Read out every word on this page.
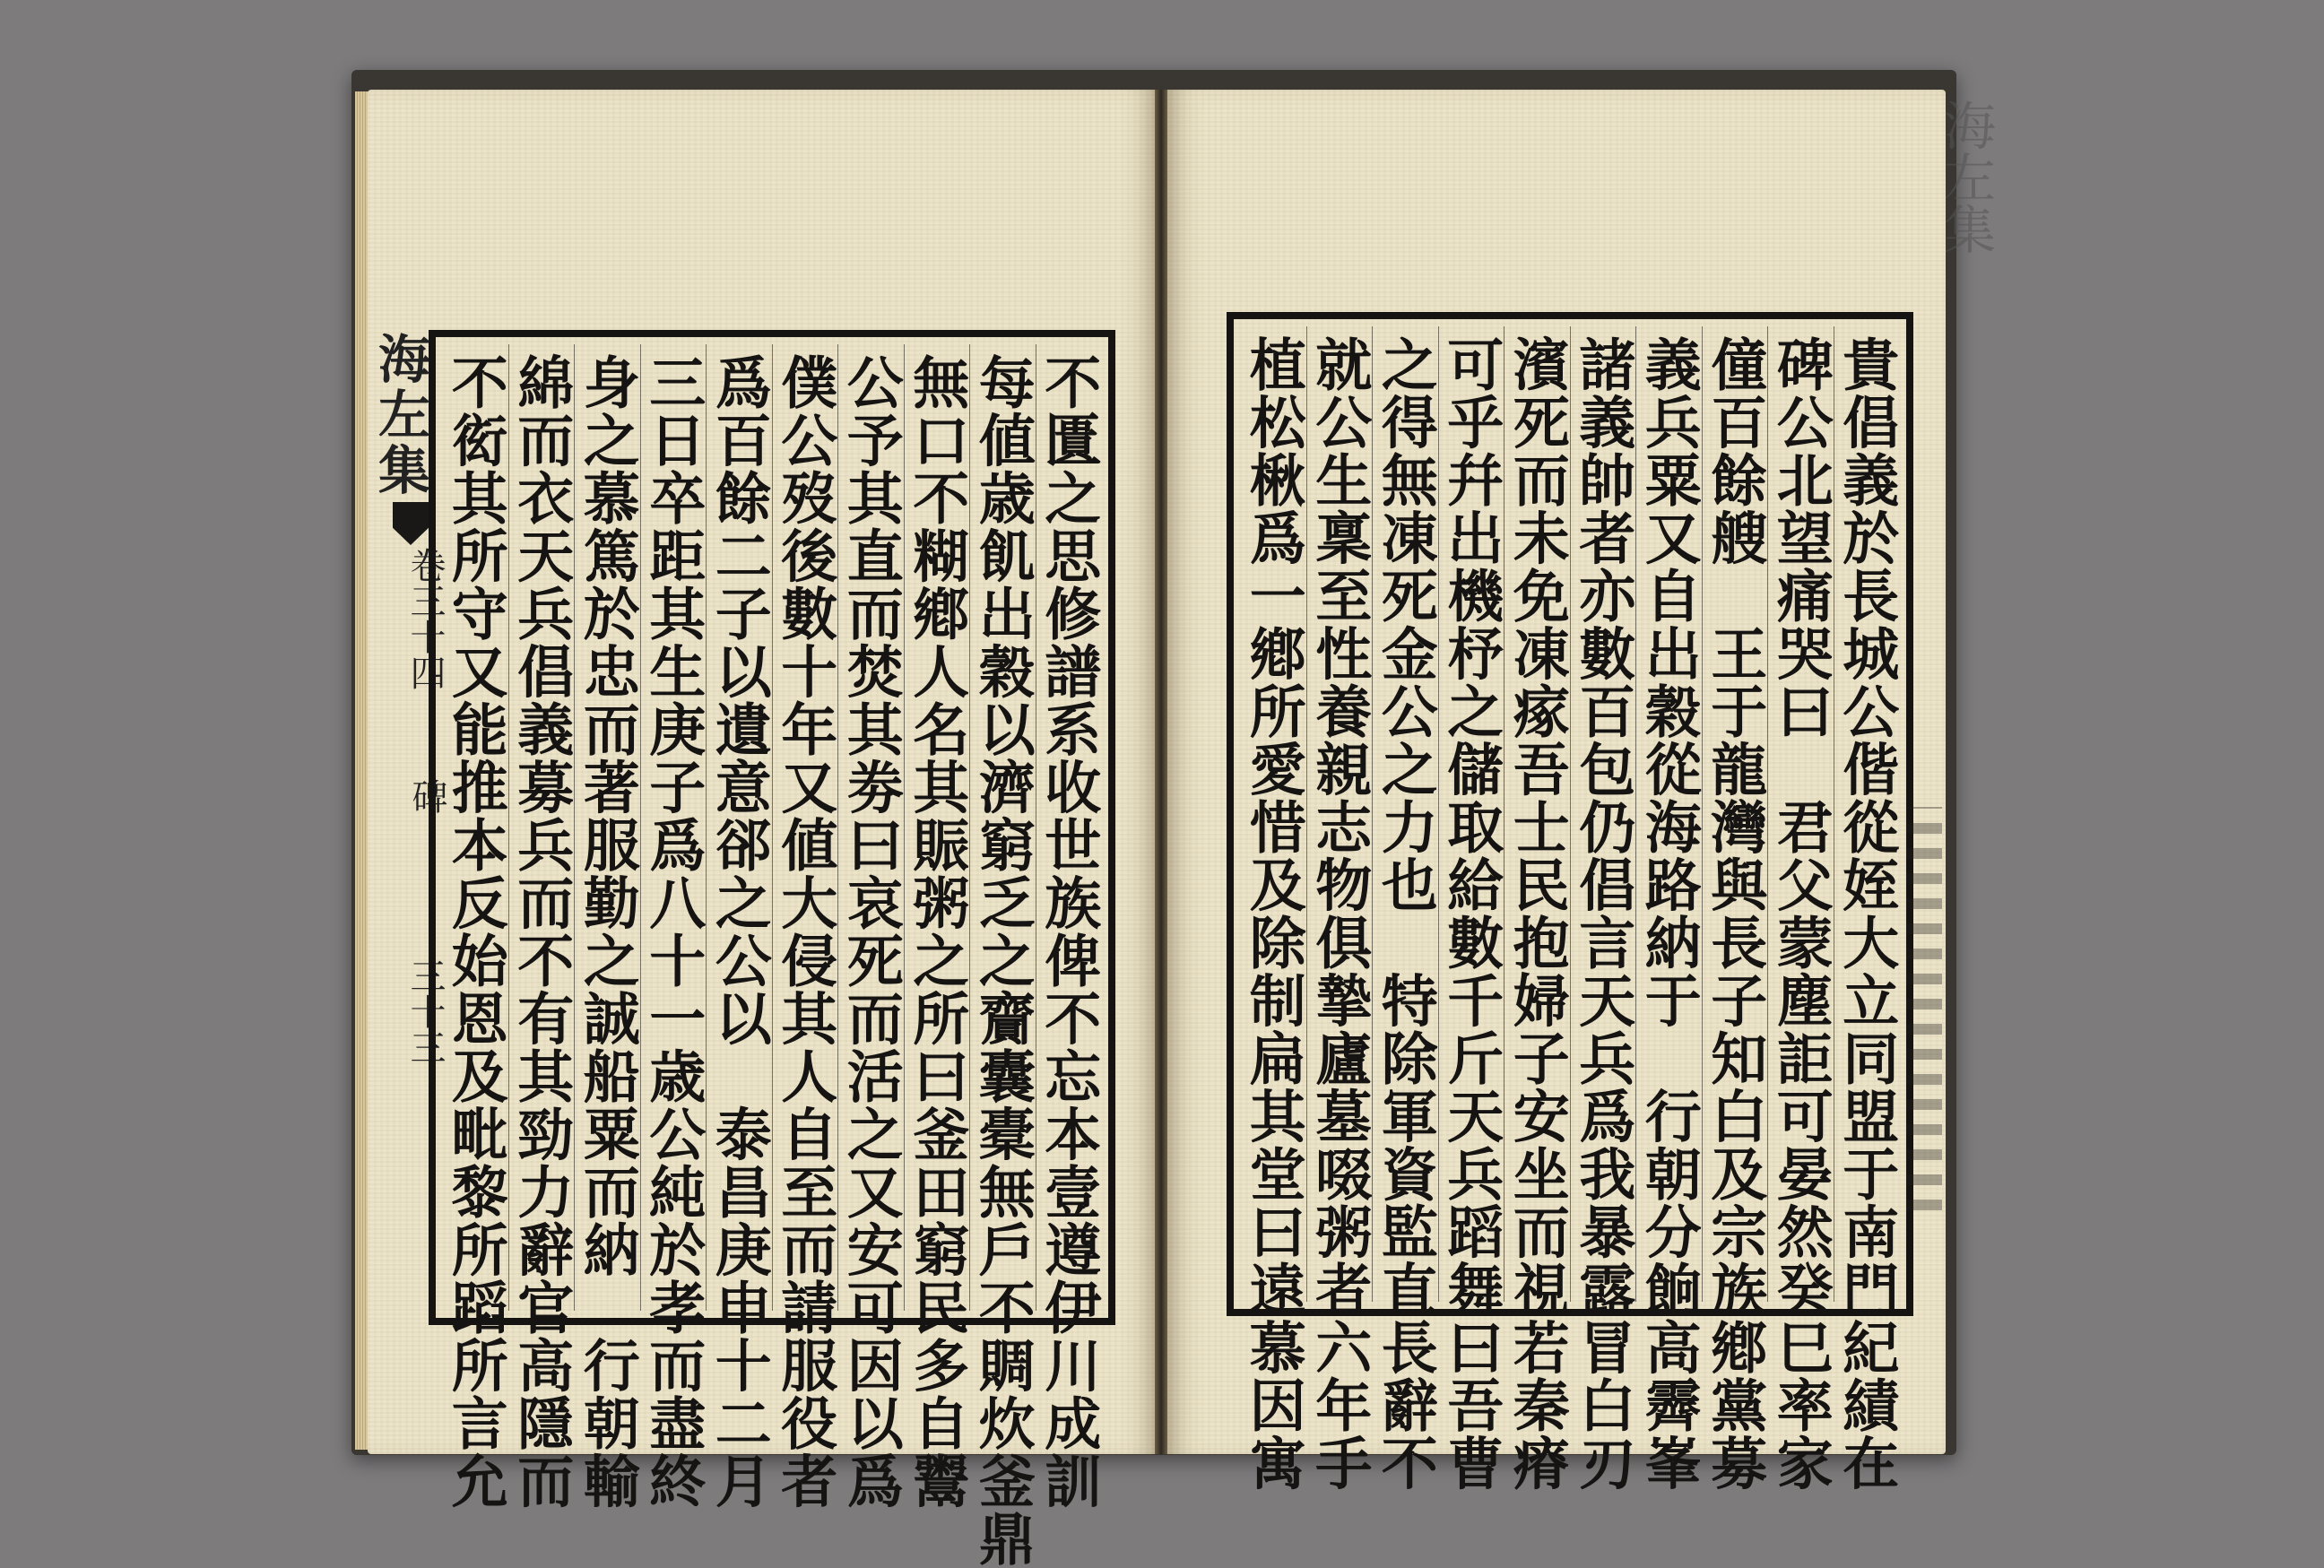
海左集
卷三十四
碑
三十三	不匱之思修譜系收世族俾不忘本壹遵伊川成訓
每値歳飢出穀以濟窮乏之齎囊橐無戶不賙炊釜鼎
無口不糊鄕人名其賑粥之所曰釜田窮民多自鬻
公予其直而焚其劵曰哀死而活之又安可因以爲
僕公歿後數十年又値大侵其人自至而請服役者
爲百餘二子以遺意郤之公以　泰昌庚申十二月
三日卒距其生庚子爲八十一歳公純於孝而盡終
身之慕篤於忠而著服勤之誠船粟而納　行朝輸
綿而衣天兵倡義募兵而不有其勁力辭官高隱而
不衒其所守又能推本反始恩及毗黎所蹈所言允	貴倡義於長城公偕從姪大立同盟于南門紀績在
碑公北望痛哭曰　君父蒙塵詎可晏然癸巳率家
僮百餘艘　王于龍灣與長子知白及宗族鄕黨募
義兵粟又自出穀從海路納于　行朝分餉高霽峯
諸義帥者亦數百包仍倡言天兵爲我暴露冒白刃
濱死而未免凍瘃吾士民抱婦子安坐而視若秦瘠
可乎幷出機杼之儲取給數千斤天兵蹈舞曰吾曹
之得無凍死金公之力也　特除軍資監直長辭不
就公生稟至性養親志物俱摯廬墓啜粥者六年手
植松楸爲一鄕所愛惜及除制扁其堂曰遠慕因寓
海左集
